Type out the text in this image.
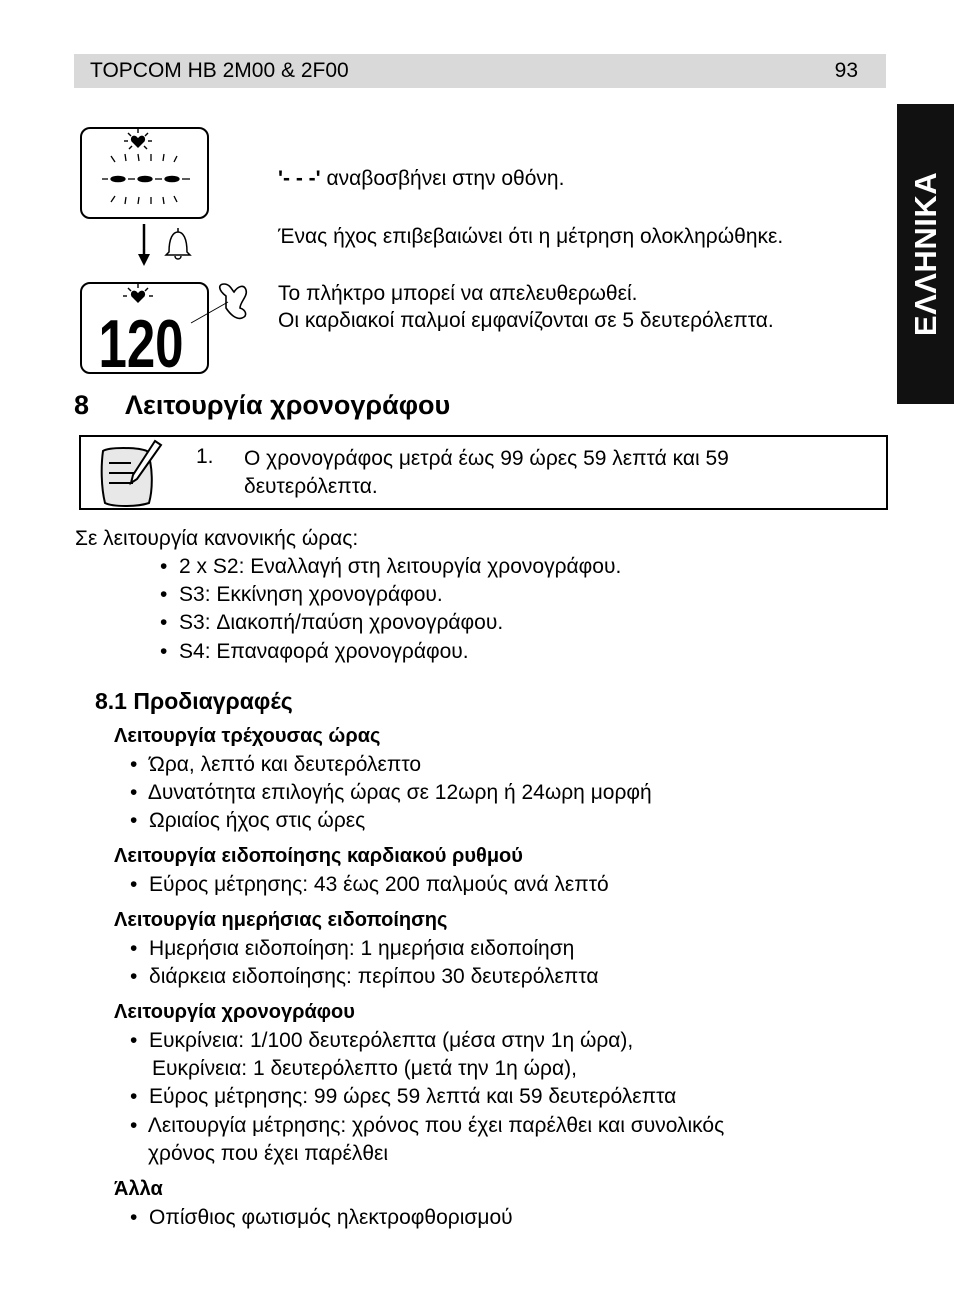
TOPCOM HB 2M00 & 2F00	93
ΕΛΛΗΝΙΚΑ
120
'- - -' αναβοσβήνει στην οθόνη.
Ένας ήχος επιβεβαιώνει ότι η μέτρηση ολοκληρώθηκε.
Το πλήκτρο μπορεί να απελευθερωθεί.
Οι καρδιακοί παλμοί εμφανίζονται σε 5 δευτερόλεπτα.
8 Λειτουργία χρονογράφου
1. Ο χρονογράφος μετρά έως 99 ώρες 59 λεπτά και 59 δευτερόλεπτα.
Σε λειτουργία κανονικής ώρας:
•  2 x S2: Εναλλαγή στη λειτουργία χρονογράφου.
•  S3: Εκκίνηση χρονογράφου.
•  S3: Διακοπή/παύση χρονογράφου.
•  S4: Επαναφορά χρονογράφου.
8.1 Προδιαγραφές
Λειτουργία τρέχουσας ώρας
•  Ώρα, λεπτό και δευτερόλεπτο
•  Δυνατότητα επιλογής ώρας σε 12ωρη ή 24ωρη μορφή
•  Ωριαίος ήχος στις ώρες
Λειτουργία ειδοποίησης καρδιακού ρυθμού
•  Εύρος μέτρησης: 43 έως 200 παλμούς ανά λεπτό
Λειτουργία ημερήσιας ειδοποίησης
•  Ημερήσια ειδοποίηση: 1 ημερήσια ειδοποίηση
•  διάρκεια ειδοποίησης: περίπου 30 δευτερόλεπτα
Λειτουργία χρονογράφου
•  Ευκρίνεια: 1/100 δευτερόλεπτα (μέσα στην 1η ώρα),
Ευκρίνεια: 1 δευτερόλεπτο (μετά την 1η ώρα),
•  Εύρος μέτρησης: 99 ώρες 59 λεπτά και 59 δευτερόλεπτα
•  Λειτουργία μέτρησης: χρόνος που έχει παρέλθει και συνολικός
χρόνος που έχει παρέλθει
Άλλα
•  Οπίσθιος φωτισμός ηλεκτροφθορισμού
